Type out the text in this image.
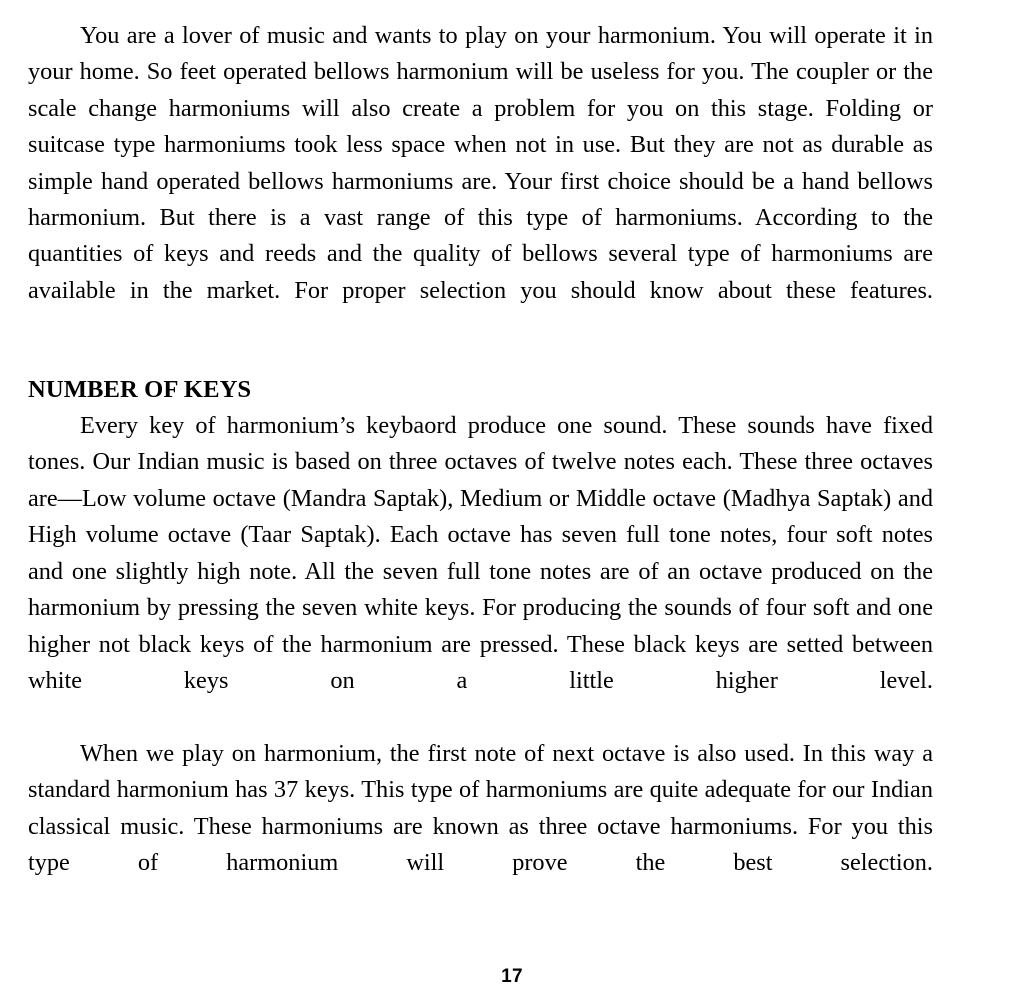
You are a lover of music and wants to play on your harmonium. You will operate it in your home. So feet operated bellows harmonium will be useless for you. The coupler or the scale change harmoniums will also create a problem for you on this stage. Folding or suitcase type harmoniums took less space when not in use. But they are not as durable as simple hand operated bellows harmoniums are. Your first choice should be a hand bellows harmonium. But there is a vast range of this type of harmoniums. According to the quantities of keys and reeds and the quality of bellows several type of harmoniums are available in the market. For proper selection you should know about these features.

NUMBER OF KEYS

Every key of harmonium’s keybaord produce one sound. These sounds have fixed tones. Our Indian music is based on three octaves of twelve notes each. These three octaves are—Low volume octave (Mandra Saptak), Medium or Middle octave (Madhya Saptak) and High volume octave (Taar Saptak). Each octave has seven full tone notes, four soft notes and one slightly high note. All the seven full tone notes are of an octave produced on the harmonium by pressing the seven white keys. For producing the sounds of four soft and one higher not black keys of the harmonium are pressed. These black keys are setted between white keys on a little higher level.

When we play on harmonium, the first note of next octave is also used. In this way a standard harmonium has 37 keys. This type of harmoniums are quite adequate for our Indian classical music. These harmoniums are known as three octave harmoniums. For you this type of harmonium will prove the best selection.

17
